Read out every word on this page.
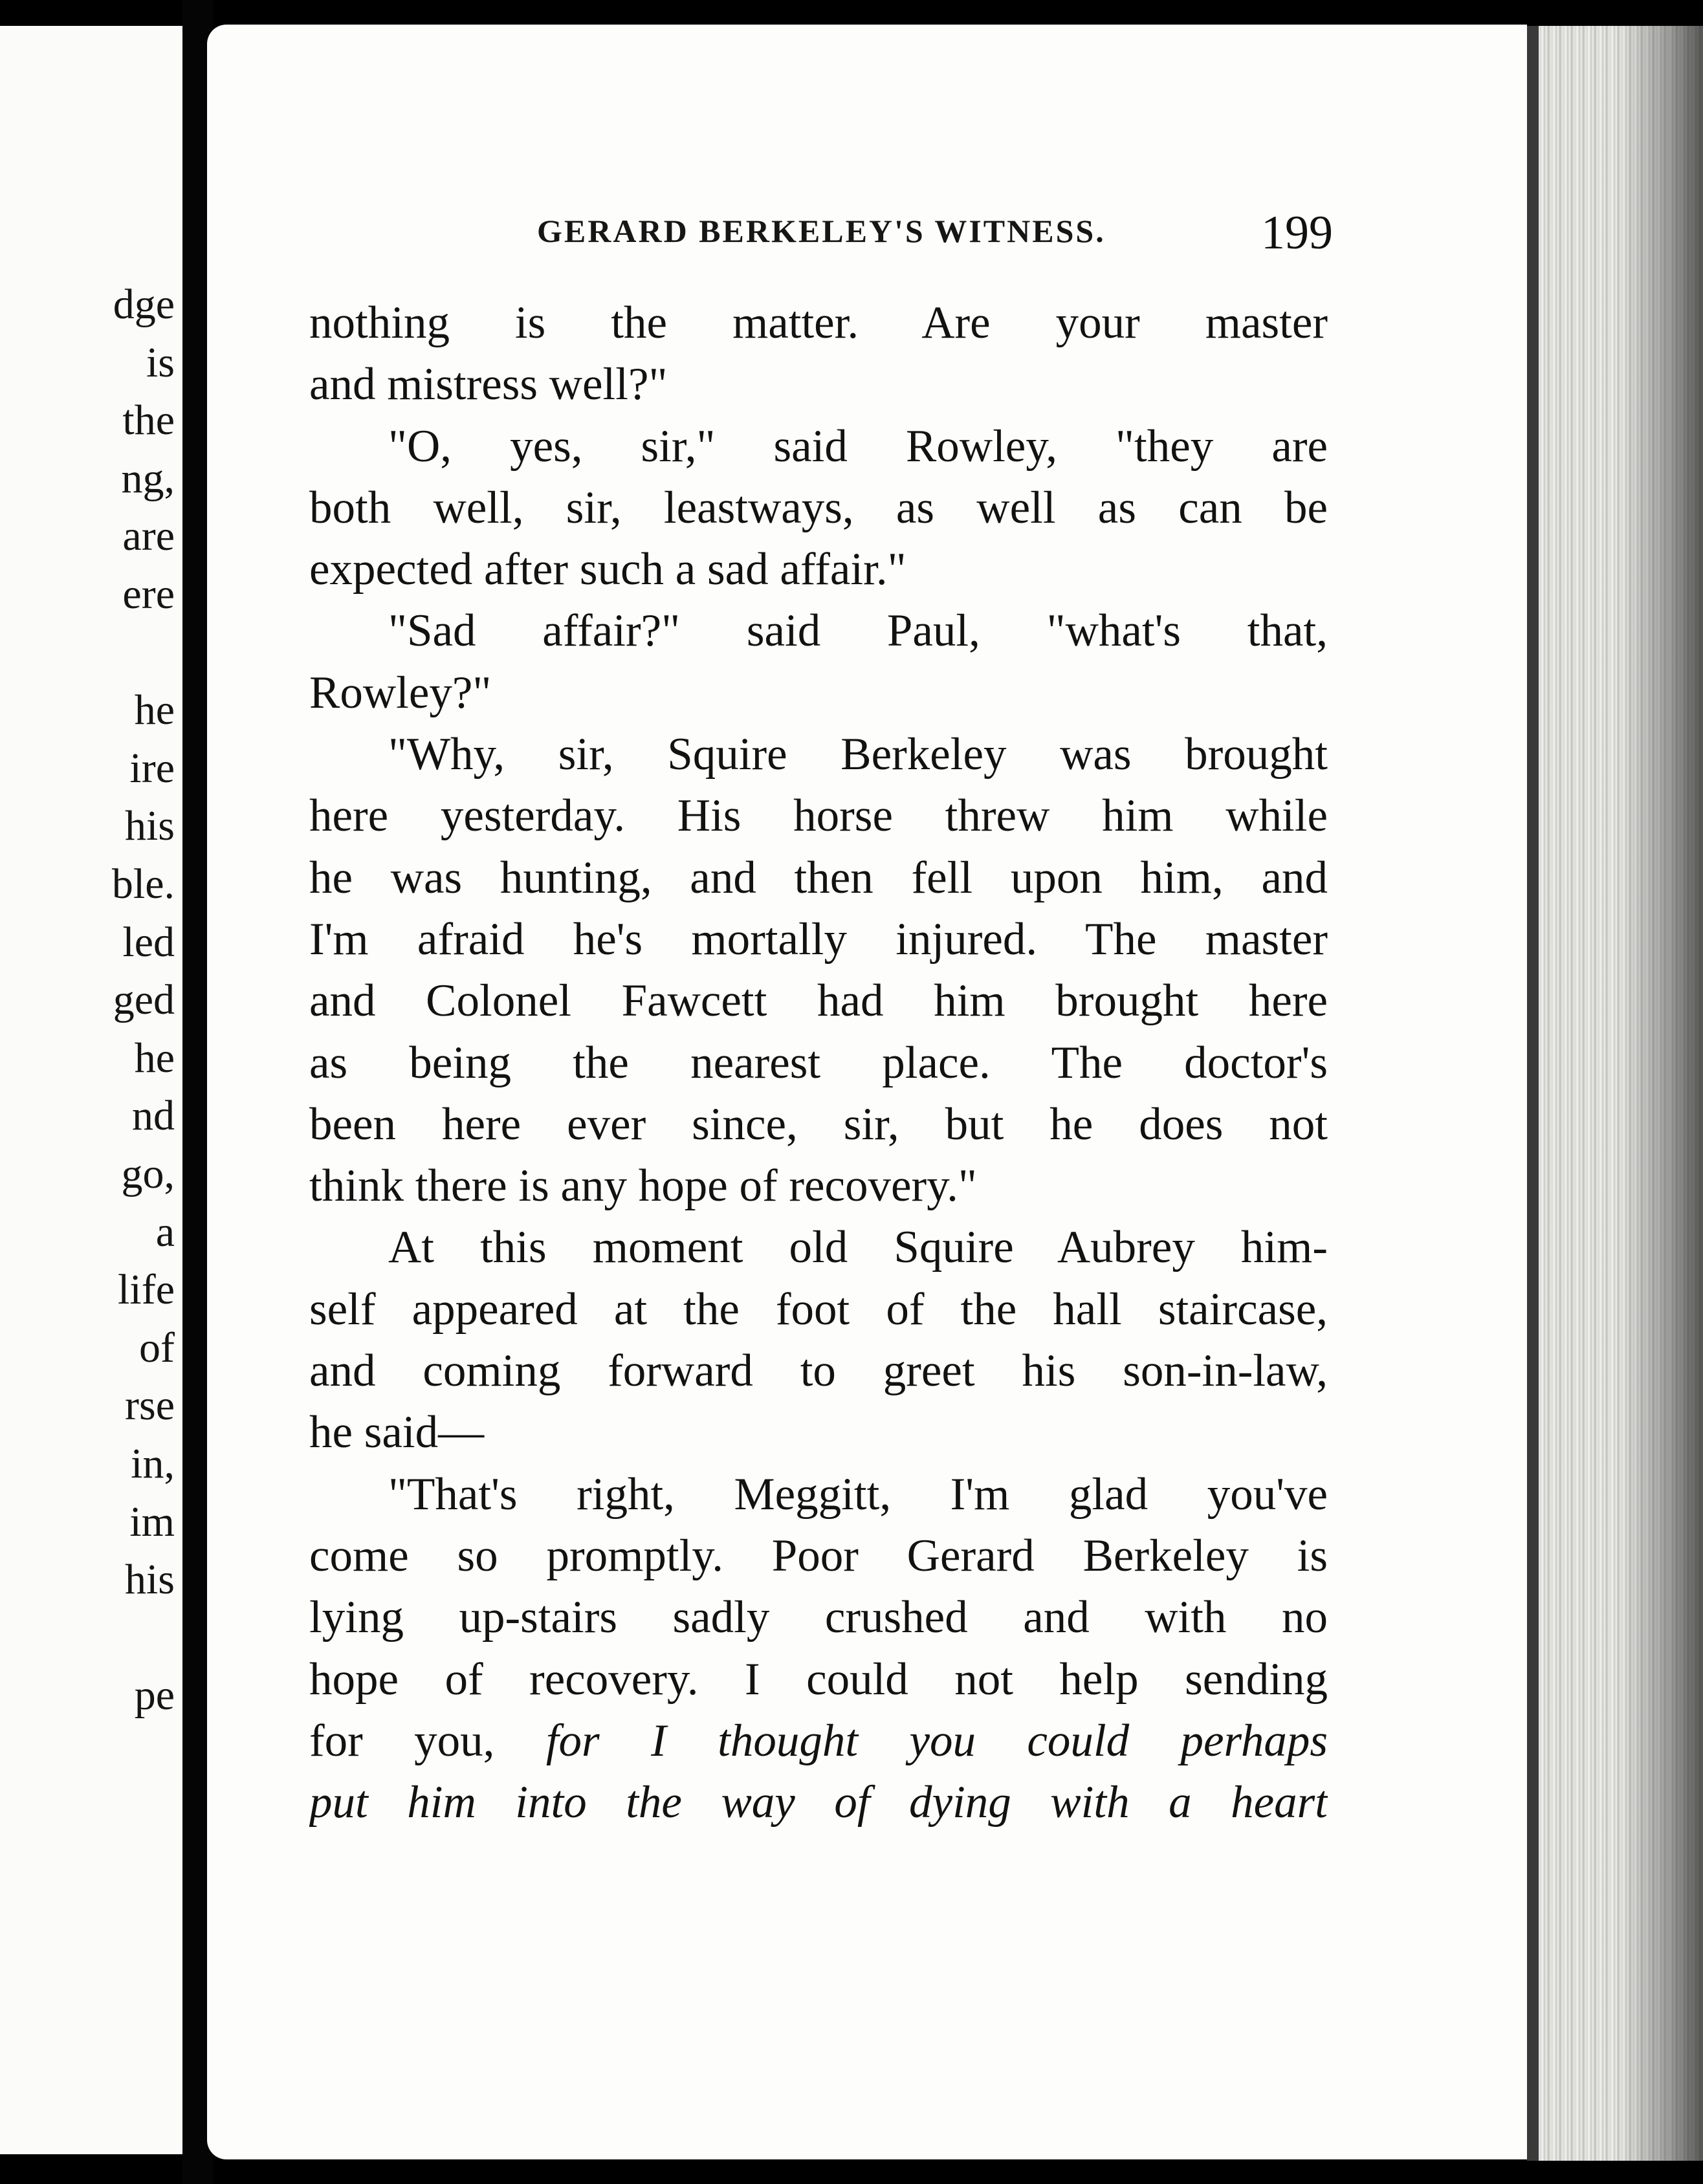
dge
is
the
ng,
are
ere
he
ire
his
ble.
led
ged
he
nd
go,
a
life
of
rse
in,
im
his
pe
GERARD BERKELEY'S WITNESS.	199
nothing is the matter. Are your master
and mistress well?"
"O, yes, sir," said Rowley, "they are
both well, sir, leastways, as well as can be
expected after such a sad affair."
"Sad affair?" said Paul, "what's that,
Rowley?"
"Why, sir, Squire Berkeley was brought
here yesterday. His horse threw him while
he was hunting, and then fell upon him, and
I'm afraid he's mortally injured. The master
and Colonel Fawcett had him brought here
as being the nearest place. The doctor's
been here ever since, sir, but he does not
think there is any hope of recovery."
At this moment old Squire Aubrey him-
self appeared at the foot of the hall staircase,
and coming forward to greet his son-in-law,
he said—
"That's right, Meggitt, I'm glad you've
come so promptly. Poor Gerard Berkeley is
lying up-stairs sadly crushed and with no
hope of recovery. I could not help sending
for you, for I thought you could perhaps
put him into the way of dying with a heart
